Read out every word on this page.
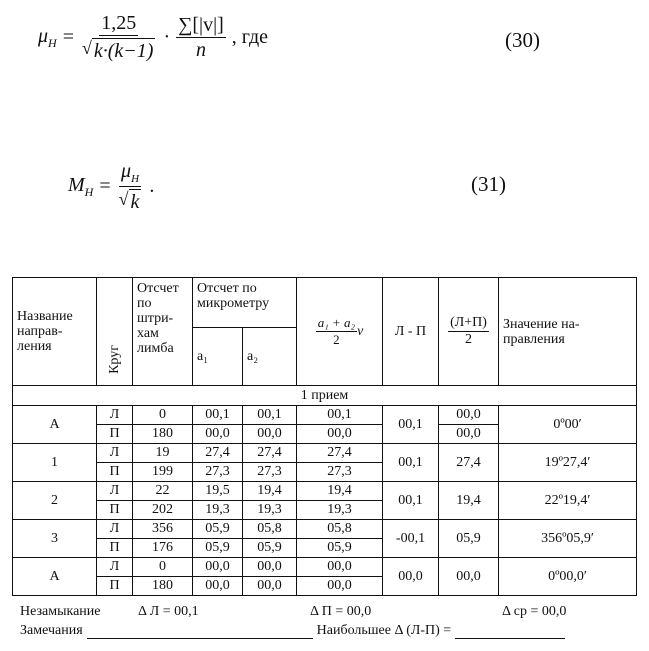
$\mu_Н = \frac{1,25}{√ k\cdot(k-1)} \cdot \frac{\sum[|v|]}{n}$ , где	(30)
$M_Н = \frac{\mu_Н}{√ k}$ .	(31)
Название направ-ления	Круг	Отсчет по штри-хам лимба	Отсчет по микрометру		$\frac{\text{a₁ + a₂}}{2}$ ν	Л - П	$\frac{(Л+П)}{2}$	Значение на-правления
			a₁	a₂				
1 прием								
А	Л	0	00,1	00,1	00,1	00,1	00,0	0º00′
	П	180	00,0	00,0	00,0		00,0	
1	Л	19	27,4	27,4	27,4	00,1	27,4	19º27,4′
	П	199	27,3	27,3	27,3			
2	Л	22	19,5	19,4	19,4	00,1	19,4	22º19,4′
	П	202	19,3	19,3	19,3			
3	Л	356	05,9	05,8	05,8	-00,1	05,9	356º05,9′
	П	176	05,9	05,9	05,9			
А	Л	0	00,0	00,0	00,0	00,0	00,0	0º00,0′
	П	180	00,0	00,0	00,0			
Незамыкание	Δ Л = 00,1	Δ П = 00,0	Δ ср = 00,0
Замечания	Наибольшее Δ (Л-П) =
